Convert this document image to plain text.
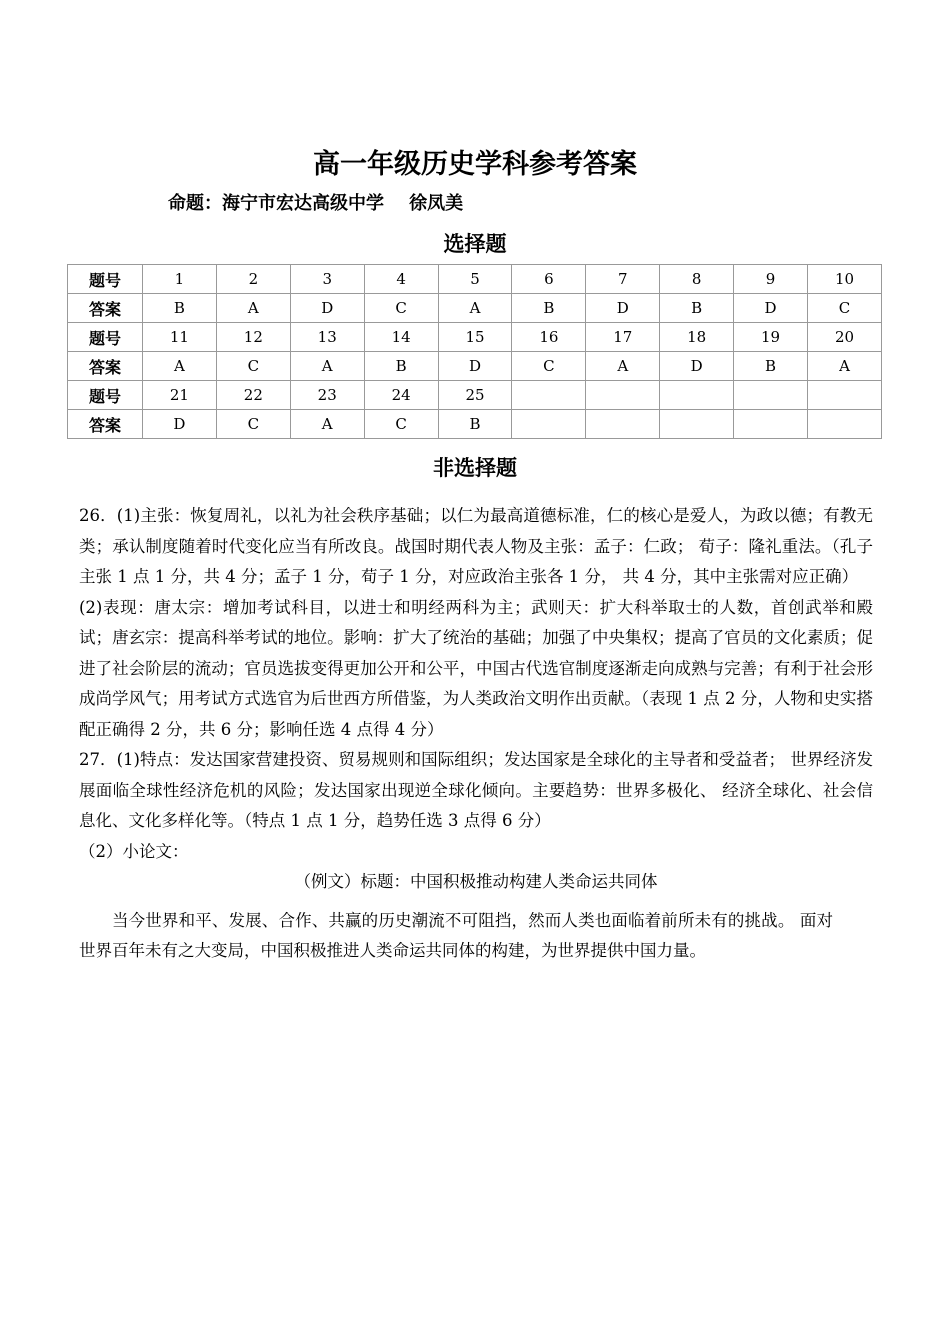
高一年级历史学科参考答案
命题：海宁市宏达高级中学    徐凤美
选择题
题号	1	2	3	4	5	6	7	8	9	10
答案	B	A	D	C	A	B	D	B	D	C
题号	11	12	13	14	15	16	17	18	19	20
答案	A	C	A	B	D	C	A	D	B	A
题号	21	22	23	24	25					
答案	D	C	A	C	B					
非选择题

26．(1)主张：恢复周礼，以礼为社会秩序基础；以仁为最高道德标准，仁的核心是爱人，为政以德；有教无类；承认制度随着时代变化应当有所改良。战国时期代表人物及主张：孟子：仁政； 荀子：隆礼重法。（孔子主张 1 点 1 分，共 4 分；孟子 1 分，荀子 1 分，对应政治主张各 1 分， 共 4 分，其中主张需对应正确）

(2)表现：唐太宗：增加考试科目，以进士和明经两科为主；武则天：扩大科举取士的人数，首创武举和殿试；唐玄宗：提高科举考试的地位。影响：扩大了统治的基础；加强了中央集权；提高了官员的文化素质；促进了社会阶层的流动；官员选拔变得更加公开和公平，中国古代选官制度逐渐走向成熟与完善；有利于社会形成尚学风气；用考试方式选官为后世西方所借鉴，为人类政治文明作出贡献。（表现 1 点 2 分，人物和史实搭配正确得 2 分，共 6 分；影响任选 4 点得 4 分）

27．(1)特点：发达国家营建投资、贸易规则和国际组织；发达国家是全球化的主导者和受益者； 世界经济发展面临全球性经济危机的风险；发达国家出现逆全球化倾向。主要趋势：世界多极化、 经济全球化、社会信息化、文化多样化等。（特点 1 点 1 分，趋势任选 3 点得 6 分）

（2）小论文：

（例文）标题：中国积极推动构建人类命运共同体

当今世界和平、发展、合作、共赢的历史潮流不可阻挡，然而人类也面临着前所未有的挑战。 面对世界百年未有之大变局，中国积极推进人类命运共同体的构建，为世界提供中国力量。
